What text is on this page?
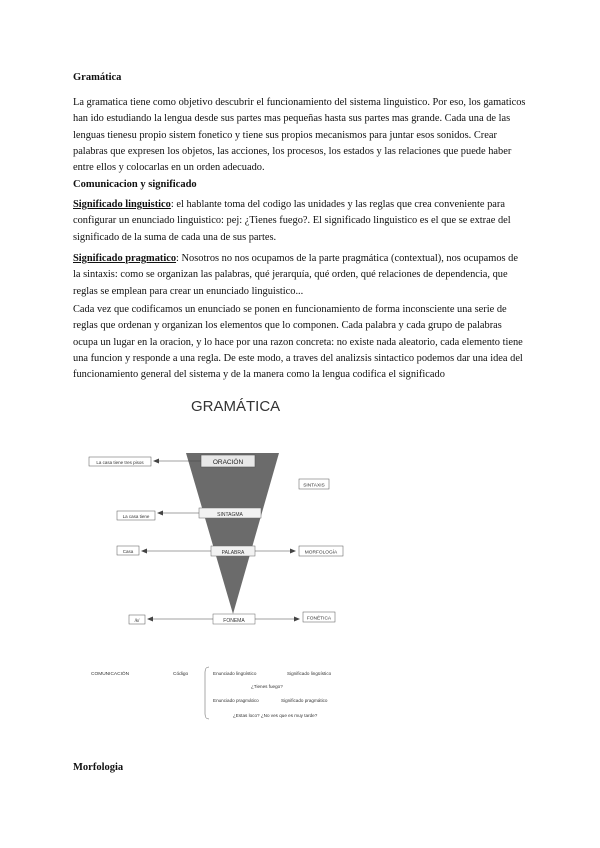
Gramática
La gramatica tiene como objetivo descubrir el funcionamiento del sistema linguistico. Por eso, los gamaticos han ido estudiando la lengua desde sus partes mas pequeñas hasta sus partes mas grande. Cada una de las lenguas tienesu propio sistem fonetico y tiene sus propios mecanismos para juntar esos sonidos. Crear palabras que expresen los objetos, las acciones, los procesos, los estados y las relaciones que puede haber entre ellos y colocarlas en un orden adecuado.
Comunicacion y significado
Significado linguistico: el hablante toma del codigo las unidades y las reglas que crea conveniente para configurar un enunciado linguistico: pej: ¿Tienes fuego?. El significado linguistico es el que se extrae del significado de la suma de cada una de sus partes.
Significado pragmatico: Nosotros no nos ocupamos de la parte pragmática (contextual), nos ocupamos de la sintaxis: como se organizan las palabras, qué jerarquía, qué orden, qué relaciones de dependencia, que reglas se emplean para crear un enunciado linguistico...
Cada vez que codificamos un enunciado se ponen en funcionamiento de forma inconsciente una serie de reglas que ordenan y organizan los elementos que lo componen. Cada palabra y cada grupo de palabras ocupa un lugar en la oracion, y lo hace por una razon concreta: no existe nada aleatorio, cada elemento tiene una funcion y responde a una regla. De este modo, a traves del analizsis sintactico podemos dar una idea del funcionamiento general del sistema y de la manera como la lengua codifica el significado
GRAMÁTICA
ORACIÓN
SINTAGMA
PALABRA
FONEMA
La casa tiene tres pisos
La casa tiene
Casa
/k/
SINTAXIS
MORFOLOGÍA
FONÉTICA
COMUNICACIÓN	Código	Enunciado lingüístico	Significado lingüístico
¿Tienes fuego?
Enunciado pragmático	Significado pragmático
¿Estas loco? ¿No ves que es muy tarde?
Morfologia
